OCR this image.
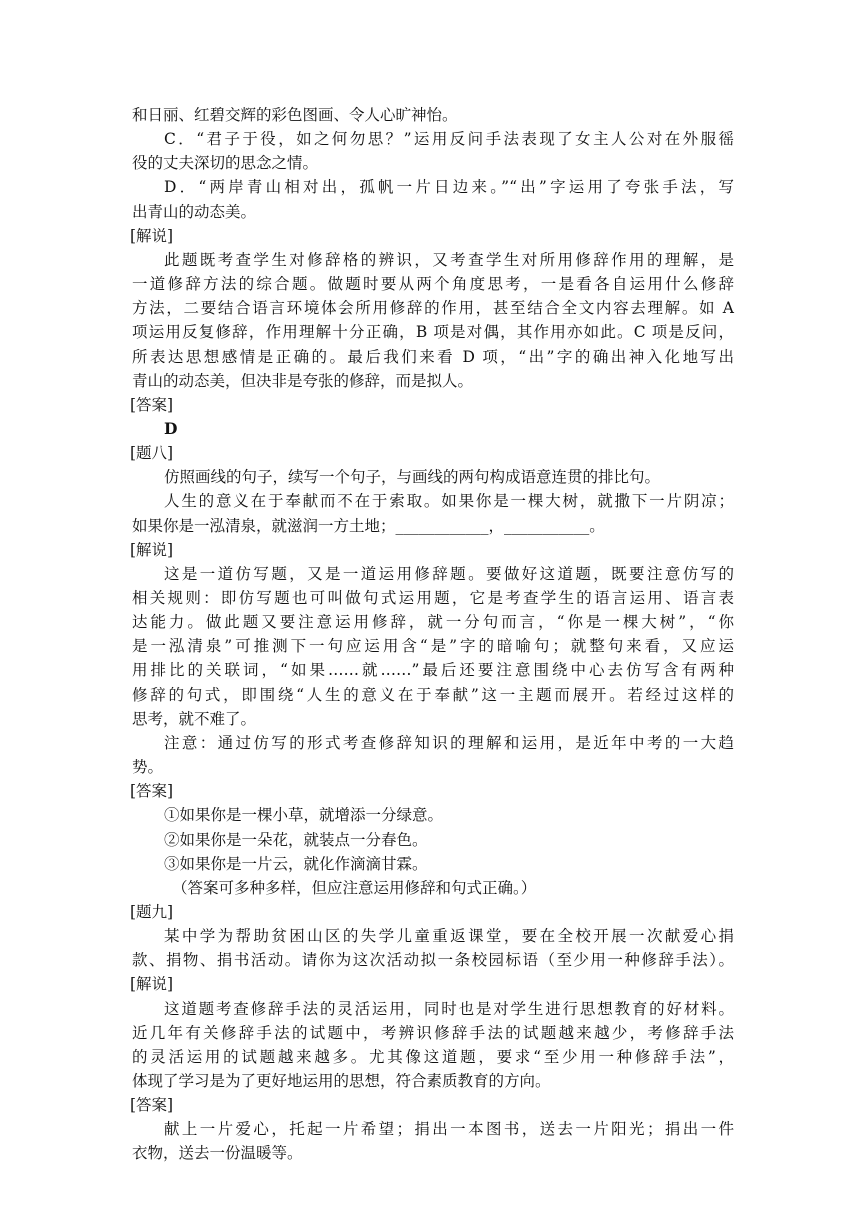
和日丽、红碧交辉的彩色图画、令人心旷神怡。
C．“君子于役，如之何勿思？”运用反问手法表现了女主人公对在外服徭
役的丈夫深切的思念之情。
D．“两岸青山相对出，孤帆一片日边来。”“出”字运用了夸张手法，写
出青山的动态美。
[解说]
此题既考查学生对修辞格的辨识，又考查学生对所用修辞作用的理解，是
一道修辞方法的综合题。做题时要从两个角度思考，一是看各自运用什么修辞
方法，二要结合语言环境体会所用修辞的作用，甚至结合全文内容去理解。如 A
项运用反复修辞，作用理解十分正确，B 项是对偶，其作用亦如此。C 项是反问，
所表达思想感情是正确的。最后我们来看 D 项，“出”字的确出神入化地写出
青山的动态美，但决非是夸张的修辞，而是拟人。
[答案]
D
[题八]
仿照画线的句子，续写一个句子，与画线的两句构成语意连贯的排比句。
人生的意义在于奉献而不在于索取。如果你是一棵大树，就撒下一片阴凉；
如果你是一泓清泉，就滋润一方土地；____________，___________。
[解说]
这是一道仿写题，又是一道运用修辞题。要做好这道题，既要注意仿写的
相关规则：即仿写题也可叫做句式运用题，它是考查学生的语言运用、语言表
达能力。做此题又要注意运用修辞，就一分句而言，“你是一棵大树”，“你
是一泓清泉”可推测下一句应运用含“是”字的暗喻句；就整句来看，又应运
用排比的关联词，“如果……就……”最后还要注意围绕中心去仿写含有两种
修辞的句式，即围绕“人生的意义在于奉献”这一主题而展开。若经过这样的
思考，就不难了。
注意：通过仿写的形式考查修辞知识的理解和运用，是近年中考的一大趋
势。
[答案]
①如果你是一棵小草，就增添一分绿意。
②如果你是一朵花，就装点一分春色。
③如果你是一片云，就化作滴滴甘霖。
（答案可多种多样，但应注意运用修辞和句式正确。）
[题九]
某中学为帮助贫困山区的失学儿童重返课堂，要在全校开展一次献爱心捐
款、捐物、捐书活动。请你为这次活动拟一条校园标语（至少用一种修辞手法）。
[解说]
这道题考查修辞手法的灵活运用，同时也是对学生进行思想教育的好材料。
近几年有关修辞手法的试题中，考辨识修辞手法的试题越来越少，考修辞手法
的灵活运用的试题越来越多。尤其像这道题，要求“至少用一种修辞手法”，
体现了学习是为了更好地运用的思想，符合素质教育的方向。
[答案]
献上一片爱心，托起一片希望；捐出一本图书，送去一片阳光；捐出一件
衣物，送去一份温暖等。
